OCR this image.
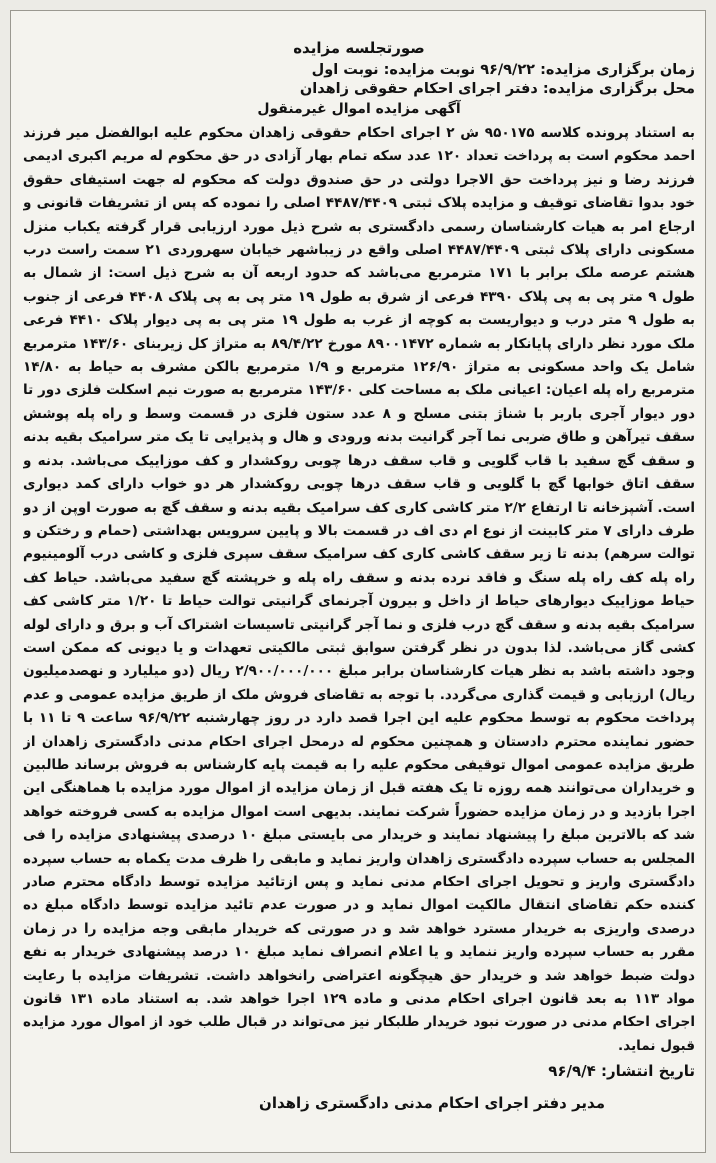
صورتجلسه مزایده
زمان برگزاری مزایده: ۹۶/۹/۲۲ نوبت مزایده: نوبت اول
محل برگزاری مزایده: دفتر اجرای احکام حقوقی زاهدان
آگهی مزایده اموال غیرمنقول

به استناد پرونده کلاسه ۹۵۰۱۷۵ ش ۲ اجرای احکام حقوقی زاهدان محکوم علیه ابوالفضل میر فرزند احمد محکوم است به پرداخت تعداد ۱۲۰ عدد سکه تمام بهار آزادی در حق محکوم له مریم اکبری ادیمی فرزند رضا و نیز پرداخت حق الاجرا دولتی در حق صندوق دولت که محکوم له جهت استیفای حقوق خود بدوا تقاضای توقیف و مزایده پلاک ثبتی ۴۴۸۷/۴۴۰۹ اصلی را نموده که پس از تشریفات قانونی و ارجاع امر به هیات کارشناسان رسمی دادگستری به شرح ذیل مورد ارزیابی قرار گرفته یکباب منزل مسکونی دارای پلاک ثبتی ۴۴۸۷/۴۴۰۹ اصلی واقع در زیباشهر خیابان سهروردی ۲۱ سمت راست درب هشتم عرصه ملک برابر با ۱۷۱ مترمربع می‌باشد که حدود اربعه آن به شرح ذیل است: از شمال به طول ۹ متر پی به پی پلاک ۴۳۹۰ فرعی از شرق به طول ۱۹ متر پی به پی پلاک ۴۴۰۸ فرعی از جنوب به طول ۹ متر درب و دیواریست به کوچه از غرب به طول ۱۹ متر پی به پی دیوار پلاک ۴۴۱۰ فرعی ملک مورد نظر دارای پایانکار به شماره ۸۹۰۰۱۴۷۲ مورخ ۸۹/۴/۲۲ به متراژ کل زیربنای ۱۴۳/۶۰ مترمربع شامل یک واحد مسکونی به متراژ ۱۲۶/۹۰ مترمربع و ۱/۹ مترمربع بالکن مشرف به حیاط به ۱۴/۸۰ مترمربع راه پله اعیان: اعیانی ملک به مساحت کلی ۱۴۳/۶۰ مترمربع به صورت نیم اسکلت فلزی دور تا دور دیوار آجری باربر با شناژ بتنی مسلح و ۸ عدد ستون فلزی در قسمت وسط و راه پله پوشش سقف تیرآهن و طاق ضربی نما آجر گرانیت بدنه ورودی و هال و پذیرایی تا یک متر سرامیک بقیه بدنه و سقف گچ سفید با قاب گلویی و قاب سقف درها چوبی روکشدار و کف موزاییک می‌باشد. بدنه و سقف اتاق خوابها گچ با گلویی و قاب سقف درها چوبی روکشدار هر دو خواب دارای کمد دیواری است. آشپزخانه تا ارتفاع ۲/۲ متر کاشی کاری کف سرامیک بقیه بدنه و سقف گچ به صورت اوپن از دو طرف دارای ۷ متر کابینت از نوع ام دی اف در قسمت بالا و پایین سرویس بهداشتی (حمام و رختکن و توالت سرهم) بدنه تا زیر سقف کاشی کاری کف سرامیک سقف سپری فلزی و کاشی درب آلومینیوم راه پله کف راه پله سنگ و فاقد نرده بدنه و سقف راه پله و خرپشته گچ سفید می‌باشد. حیاط کف حیاط موزاییک دیوارهای حیاط از داخل و بیرون آجرنمای گرانیتی توالت حیاط تا ۱/۲۰ متر کاشی کف سرامیک بقیه بدنه و سقف گچ درب فلزی و نما آجر گرانیتی تاسیسات اشتراک آب و برق و دارای لوله کشی گاز می‌باشد. لذا بدون در نظر گرفتن سوابق ثبتی مالکیتی تعهدات و یا دیونی که ممکن است وجود داشته باشد به نظر هیات کارشناسان برابر مبلغ ۲/۹۰۰/۰۰۰/۰۰۰ ریال (دو میلیارد و نهصدمیلیون ریال) ارزیابی و قیمت گذاری می‌گردد. با توجه به تقاضای فروش ملک از طریق مزایده عمومی و عدم پرداخت محکوم به توسط محکوم علیه این اجرا قصد دارد در روز چهارشنبه ۹۶/۹/۲۲ ساعت ۹ تا ۱۱ با حضور نماینده محترم دادستان و همچنین محکوم له درمحل اجرای احکام مدنی دادگستری زاهدان از طریق مزایده عمومی اموال توقیفی محکوم علیه را به قیمت پایه کارشناس به فروش برساند طالبین و خریداران می‌توانند همه روزه تا یک هفته قبل از زمان مزایده از اموال مورد مزایده با هماهنگی این اجرا بازدید و در زمان مزایده حضوراً شرکت نمایند. بدیهی است اموال مزایده به کسی فروخته خواهد شد که بالاترین مبلغ را پیشنهاد نمایند و خریدار می بایستی مبلغ ۱۰ درصدی پیشنهادی مزایده را فی المجلس به حساب سپرده دادگستری زاهدان واریز نماید و مابقی را ظرف مدت یکماه به حساب سپرده دادگستری واریز و تحویل اجرای احکام مدنی نماید و پس ازتائید مزایده توسط دادگاه محترم صادر کننده حکم تقاضای انتقال مالکیت اموال نماید و در صورت عدم تائید مزایده توسط دادگاه مبلغ ده درصدی واریزی به خریدار مسترد خواهد شد و در صورتی که خریدار مابقی وجه مزایده را در زمان مقرر به حساب سپرده واریز ننماید و یا اعلام انصراف نماید مبلغ ۱۰ درصد پیشنهادی خریدار به نفع دولت ضبط خواهد شد و خریدار حق هیچگونه اعتراضی رانخواهد داشت. تشریفات مزایده با رعایت مواد ۱۱۳ به بعد قانون اجرای احکام مدنی و ماده ۱۲۹ اجرا خواهد شد. به استناد ماده ۱۳۱ قانون اجرای احکام مدنی در صورت نبود خریدار طلبکار نیز می‌تواند در قبال طلب خود از اموال مورد مزایده قبول نماید.

تاریخ انتشار: ۹۶/۹/۴
مدیر دفتر اجرای احکام مدنی دادگستری زاهدان
